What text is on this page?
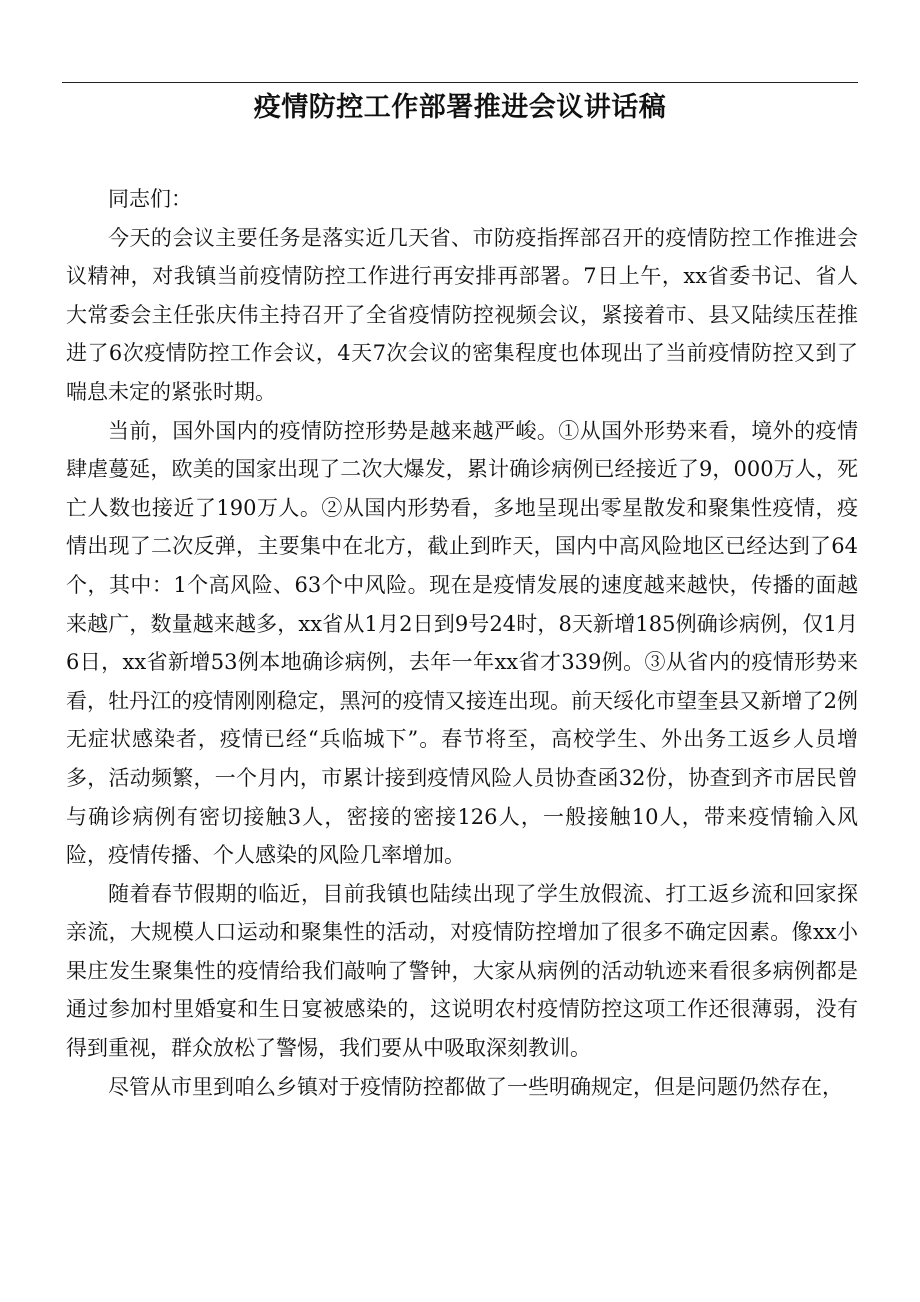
疫情防控工作部署推进会议讲话稿

同志们：

今天的会议主要任务是落实近几天省、市防疫指挥部召开的疫情防控工作推进会议精神，对我镇当前疫情防控工作进行再安排再部署。7日上午，xx省委书记、省人大常委会主任张庆伟主持召开了全省疫情防控视频会议，紧接着市、县又陆续压茬推进了6次疫情防控工作会议，4天7次会议的密集程度也体现出了当前疫情防控又到了喘息未定的紧张时期。

当前，国外国内的疫情防控形势是越来越严峻。①从国外形势来看，境外的疫情肆虐蔓延，欧美的国家出现了二次大爆发，累计确诊病例已经接近了9，000万人，死亡人数也接近了190万人。②从国内形势看，多地呈现出零星散发和聚集性疫情，疫情出现了二次反弹，主要集中在北方，截止到昨天，国内中高风险地区已经达到了64个，其中：1个高风险、63个中风险。现在是疫情发展的速度越来越快，传播的面越来越广，数量越来越多，xx省从1月2日到9号24时，8天新增185例确诊病例，仅1月6日，xx省新增53例本地确诊病例，去年一年xx省才339例。③从省内的疫情形势来看，牡丹江的疫情刚刚稳定，黑河的疫情又接连出现。前天绥化市望奎县又新增了2例无症状感染者，疫情已经“兵临城下”。春节将至，高校学生、外出务工返乡人员增多，活动频繁，一个月内，市累计接到疫情风险人员协查函32份，协查到齐市居民曾与确诊病例有密切接触3人，密接的密接126人，一般接触10人，带来疫情输入风险，疫情传播、个人感染的风险几率增加。

随着春节假期的临近，目前我镇也陆续出现了学生放假流、打工返乡流和回家探亲流，大规模人口运动和聚集性的活动，对疫情防控增加了很多不确定因素。像xx小果庄发生聚集性的疫情给我们敲响了警钟，大家从病例的活动轨迹来看很多病例都是通过参加村里婚宴和生日宴被感染的，这说明农村疫情防控这项工作还很薄弱，没有得到重视，群众放松了警惕，我们要从中吸取深刻教训。

尽管从市里到咱么乡镇对于疫情防控都做了一些明确规定，但是问题仍然存在，
